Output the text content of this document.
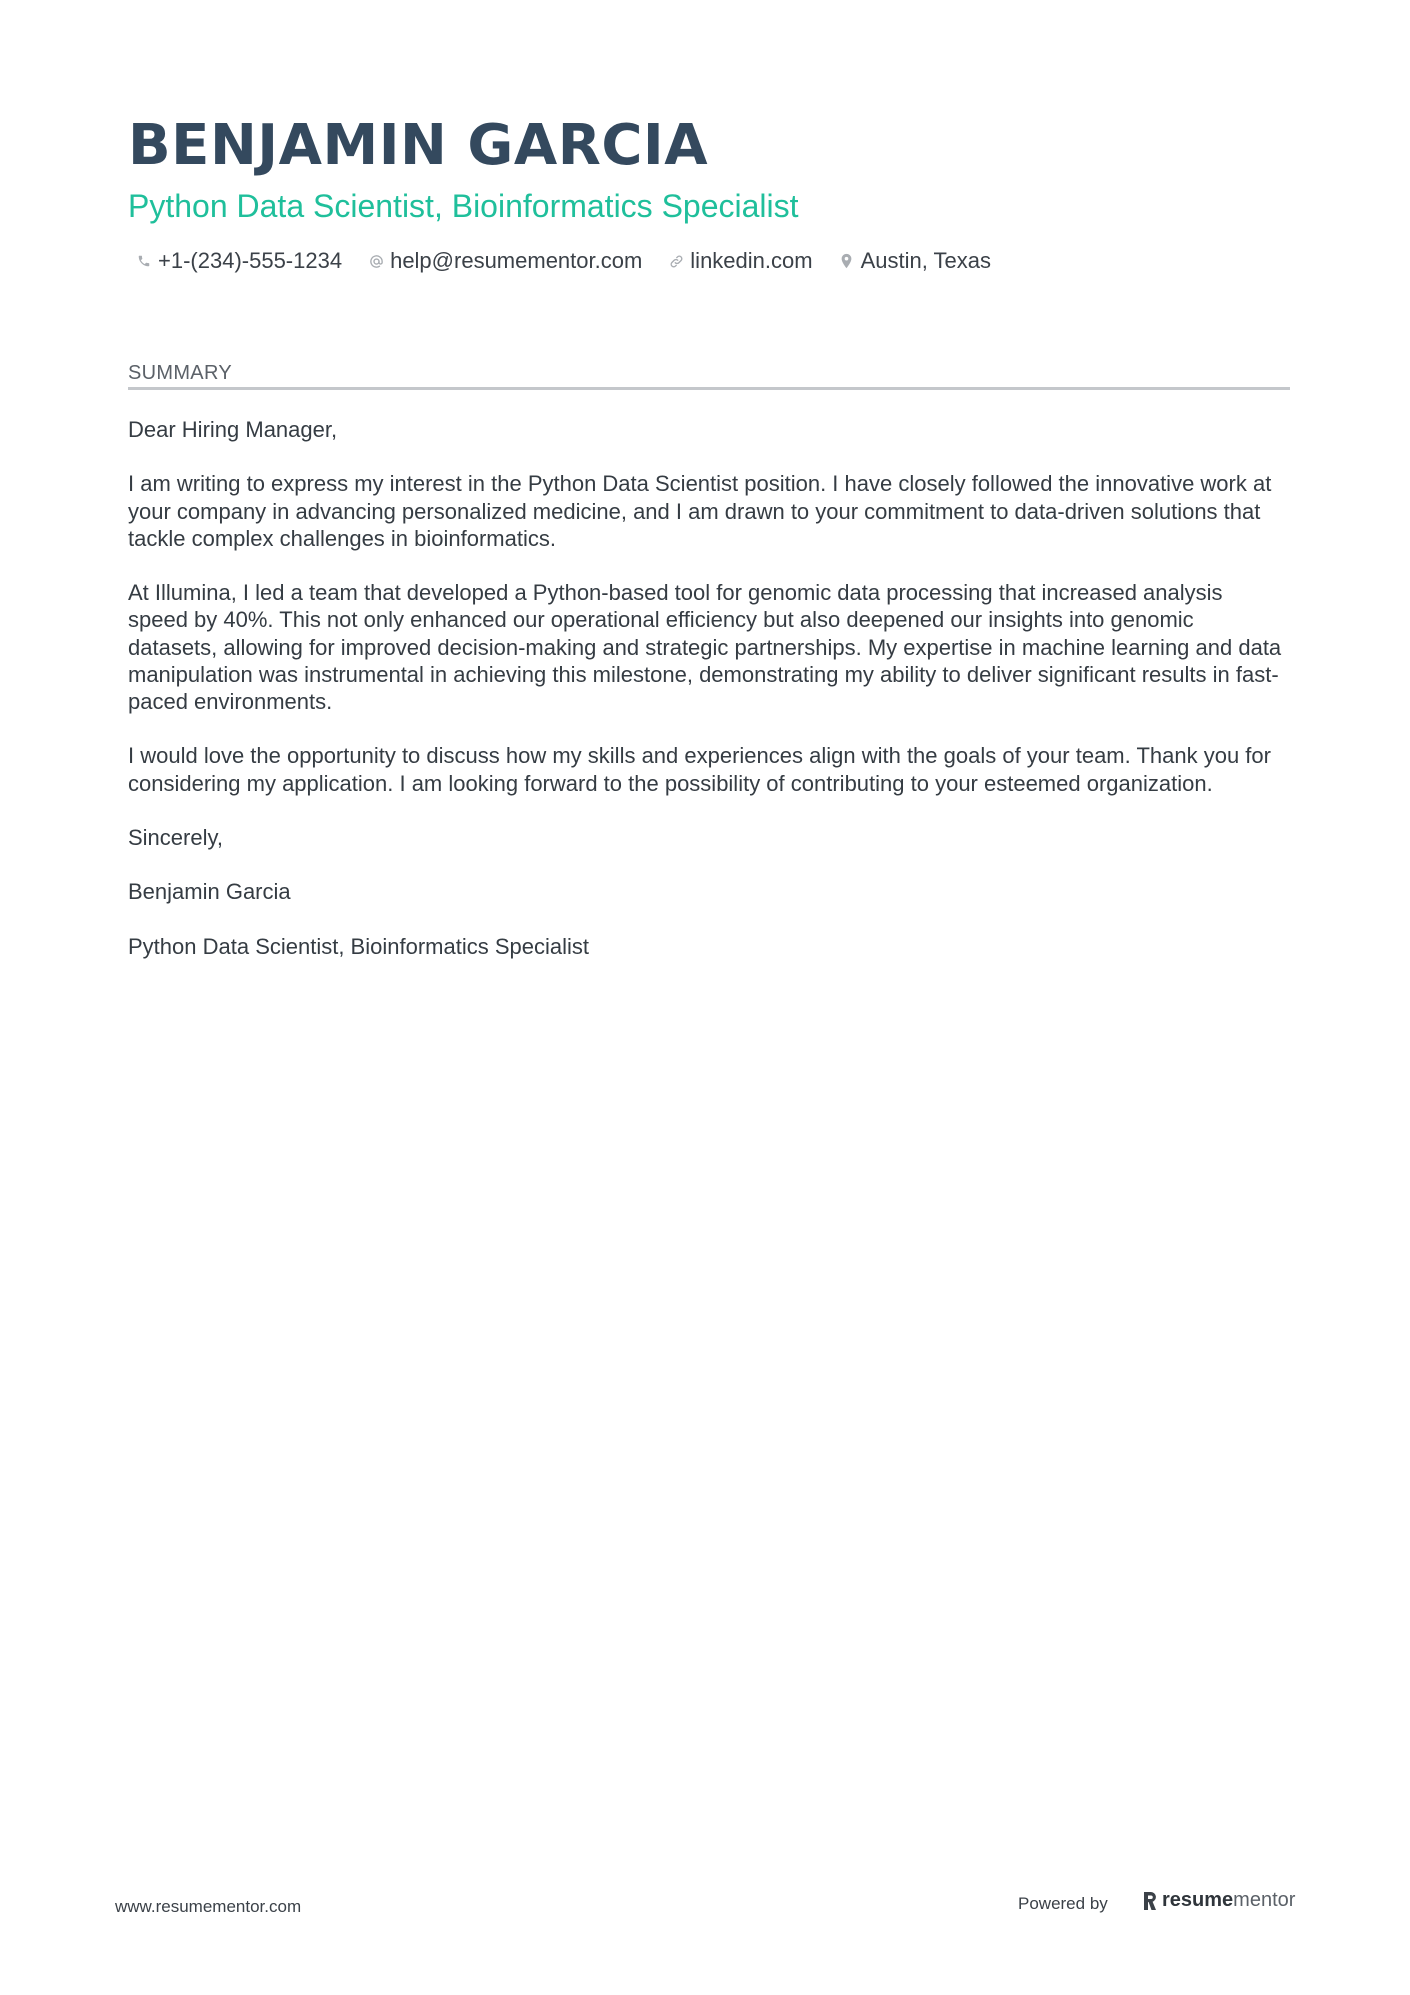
BENJAMIN GARCIA
Python Data Scientist, Bioinformatics Specialist
+1-(234)-555-1234 help@resumementor.com linkedin.com Austin, Texas
SUMMARY

Dear Hiring Manager,

I am writing to express my interest in the Python Data Scientist position. I have closely followed the innovative work at your company in advancing personalized medicine, and I am drawn to your commitment to data-driven solutions that tackle complex challenges in bioinformatics.

At Illumina, I led a team that developed a Python-based tool for genomic data processing that increased analysis speed by 40%. This not only enhanced our operational efficiency but also deepened our insights into genomic datasets, allowing for improved decision-making and strategic partnerships. My expertise in machine learning and data manipulation was instrumental in achieving this milestone, demonstrating my ability to deliver significant results in fast-paced environments.

I would love the opportunity to discuss how my skills and experiences align with the goals of your team. Thank you for considering my application. I am looking forward to the possibility of contributing to your esteemed organization.

Sincerely,

Benjamin Garcia

Python Data Scientist, Bioinformatics Specialist

www.resumementor.com	Powered by	resume mentor
